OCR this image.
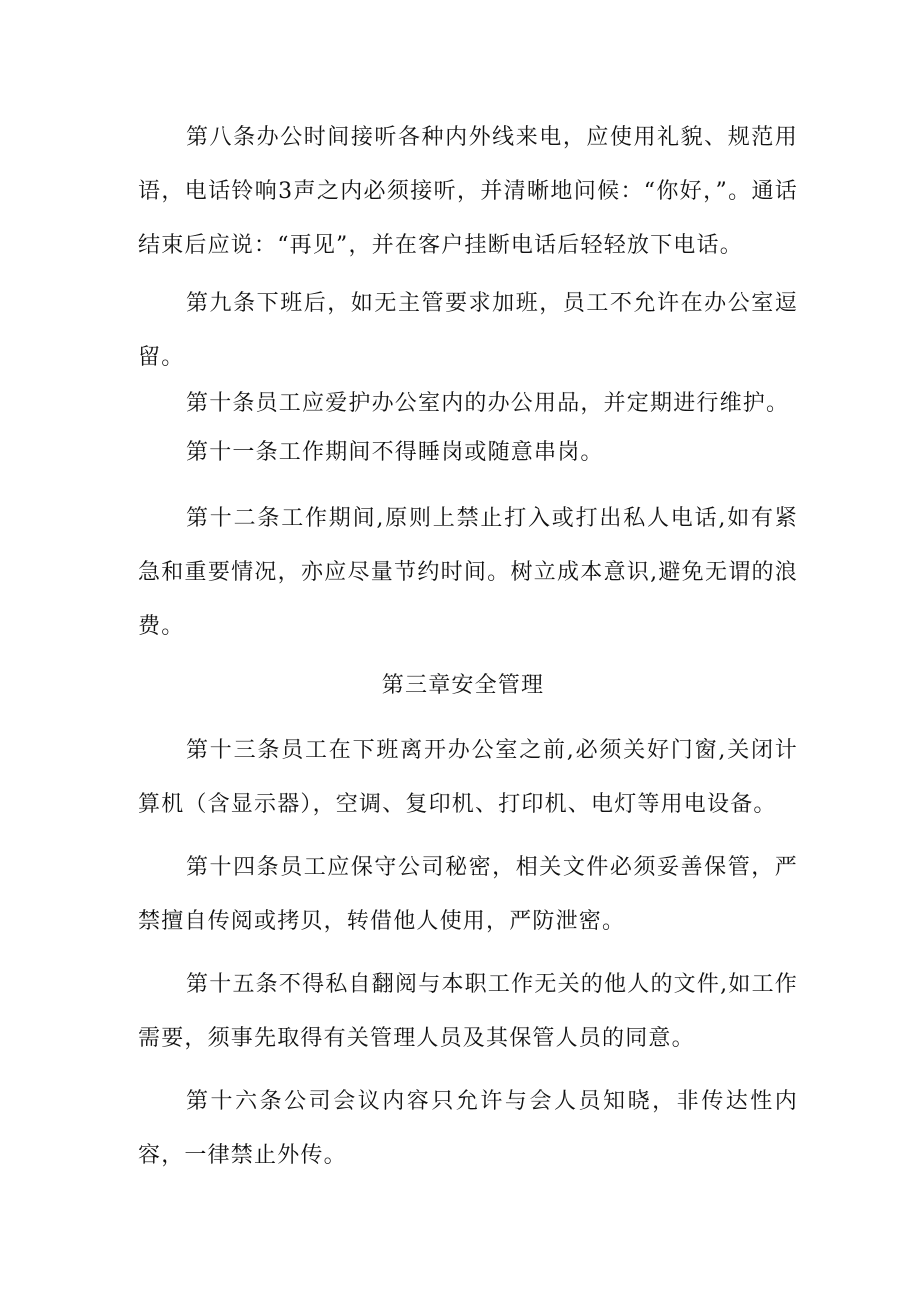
第八条办公时间接听各种内外线来电，应使用礼貌、规范用语，电话铃响3声之内必须接听，并清晰地问候：“你好，”。通话结束后应说：“再见”，并在客户挂断电话后轻轻放下电话。

第九条下班后，如无主管要求加班，员工不允许在办公室逗留。

第十条员工应爱护办公室内的办公用品，并定期进行维护。

第十一条工作期间不得睡岗或随意串岗。

第十二条工作期间,原则上禁止打入或打出私人电话,如有紧急和重要情况，亦应尽量节约时间。树立成本意识,避免无谓的浪费。

第三章安全管理

第十三条员工在下班离开办公室之前,必须关好门窗,关闭计算机（含显示器），空调、复印机、打印机、电灯等用电设备。

第十四条员工应保守公司秘密，相关文件必须妥善保管，严禁擅自传阅或拷贝，转借他人使用，严防泄密。

第十五条不得私自翻阅与本职工作无关的他人的文件,如工作需要，须事先取得有关管理人员及其保管人员的同意。

第十六条公司会议内容只允许与会人员知晓，非传达性内容，一律禁止外传。
